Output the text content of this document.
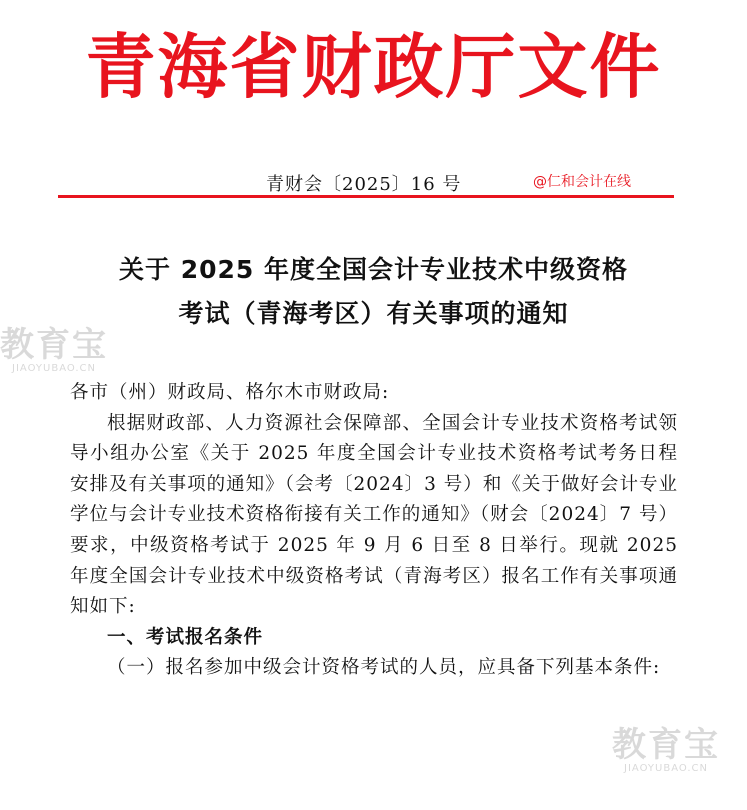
青海省财政厅文件
青财会〔2025〕16 号	@仁和会计在线
关于 2025 年度全国会计专业技术中级资格
考试（青海考区）有关事项的通知
教育宝
JIAOYUBAO.CN

各市（州）财政局、格尔木市财政局:

根据财政部、人力资源社会保障部、全国会计专业技术资格考试领导小组办公室《关于 2025 年度全国会计专业技术资格考试考务日程安排及有关事项的通知》（会考〔2024〕3 号）和《关于做好会计专业学位与会计专业技术资格衔接有关工作的通知》（财会〔2024〕7 号）要求，中级资格考试于 2025 年 9 月 6 日至 8 日举行。现就 2025 年度全国会计专业技术中级资格考试（青海考区）报名工作有关事项通知如下:

一、考试报名条件

（一）报名参加中级会计资格考试的人员，应具备下列基本条件:

教育宝
JIAOYUBAO.CN
